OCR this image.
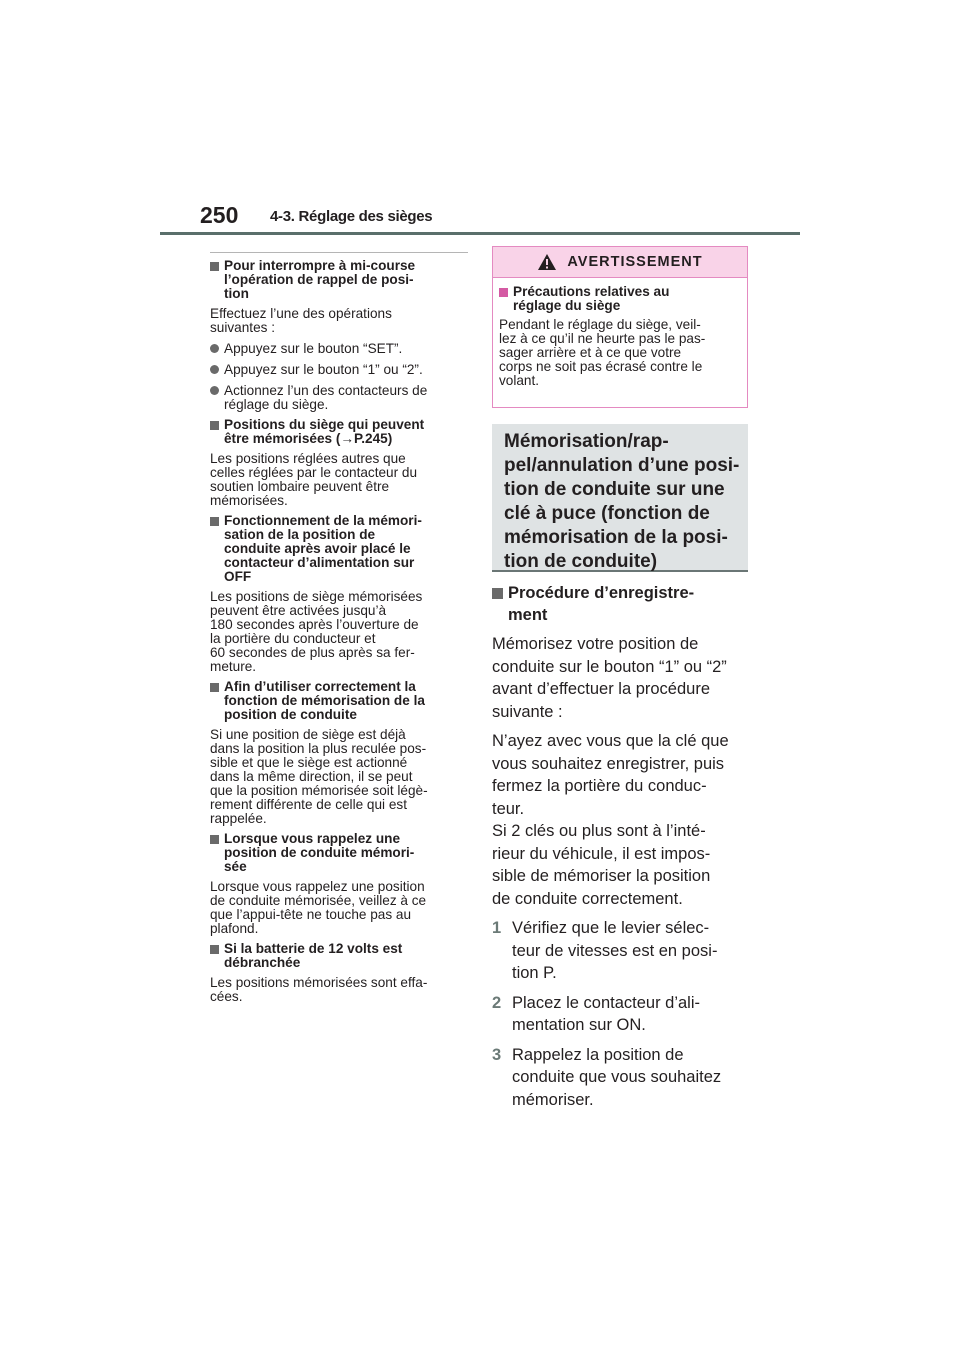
250 4-3. Réglage des sièges
Pour interrompre à mi-course
l’opération de rappel de posi-
tion
Effectuez l’une des opérations
suivantes :
Appuyez sur le bouton “SET”.
Appuyez sur le bouton “1” ou “2”.
Actionnez l’un des contacteurs de
réglage du siège.
Positions du siège qui peuvent
être mémorisées (→P.245)
Les positions réglées autres que
celles réglées par le contacteur du
soutien lombaire peuvent être
mémorisées.
Fonctionnement de la mémori-
sation de la position de
conduite après avoir placé le
contacteur d’alimentation sur
OFF
Les positions de siège mémorisées
peuvent être activées jusqu’à
180 secondes après l’ouverture de
la portière du conducteur et
60 secondes de plus après sa fer-
meture.
Afin d’utiliser correctement la
fonction de mémorisation de la
position de conduite
Si une position de siège est déjà
dans la position la plus reculée pos-
sible et que le siège est actionné
dans la même direction, il se peut
que la position mémorisée soit légè-
rement différente de celle qui est
rappelée.
Lorsque vous rappelez une
position de conduite mémori-
sée
Lorsque vous rappelez une position
de conduite mémorisée, veillez à ce
que l’appui-tête ne touche pas au
plafond.
Si la batterie de 12 volts est
débranchée
Les positions mémorisées sont effa-
cées.
AVERTISSEMENT
Précautions relatives au
réglage du siège
Pendant le réglage du siège, veil-
lez à ce qu’il ne heurte pas le pas-
sager arrière et à ce que votre
corps ne soit pas écrasé contre le
volant.
Mémorisation/rap-
pel/annulation d’une posi-
tion de conduite sur une
clé à puce (fonction de
mémorisation de la posi-
tion de conduite)
Procédure d’enregistre-
ment
Mémorisez votre position de
conduite sur le bouton “1” ou “2”
avant d’effectuer la procédure
suivante :
N’ayez avec vous que la clé que
vous souhaitez enregistrer, puis
fermez la portière du conduc-
teur.
Si 2 clés ou plus sont à l’inté-
rieur du véhicule, il est impos-
sible de mémoriser la position
de conduite correctement.
1 Vérifiez que le levier sélec-
teur de vitesses est en posi-
tion P.
2 Placez le contacteur d’ali-
mentation sur ON.
3 Rappelez la position de
conduite que vous souhaitez
mémoriser.
